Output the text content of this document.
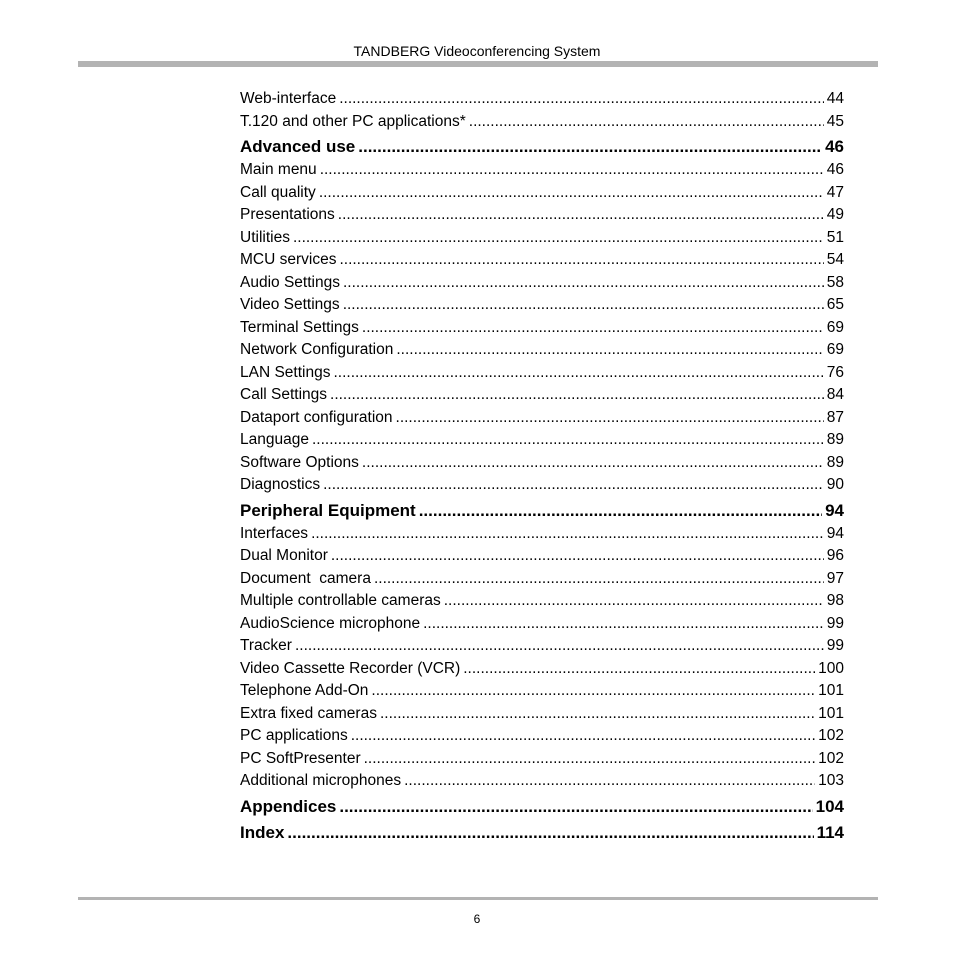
TANDBERG Videoconferencing System
Web-interface .....	44
T.120 and other PC applications* .....	45
Advanced use .....	46
Main menu .....	46
Call quality .....	47
Presentations .....	49
Utilities .....	51
MCU services .....	54
Audio Settings .....	58
Video Settings .....	65
Terminal Settings .....	69
Network Configuration .....	69
LAN Settings .....	76
Call Settings .....	84
Dataport configuration .....	87
Language .....	89
Software Options .....	89
Diagnostics .....	90
Peripheral Equipment .....	94
Interfaces .....	94
Dual Monitor .....	96
Document  camera .....	97
Multiple controllable cameras .....	98
AudioScience microphone .....	99
Tracker .....	99
Video Cassette Recorder (VCR) .....	100
Telephone Add-On .....	101
Extra fixed cameras .....	101
PC applications .....	102
PC SoftPresenter .....	102
Additional microphones .....	103
Appendices .....	104
Index .....	114
6
